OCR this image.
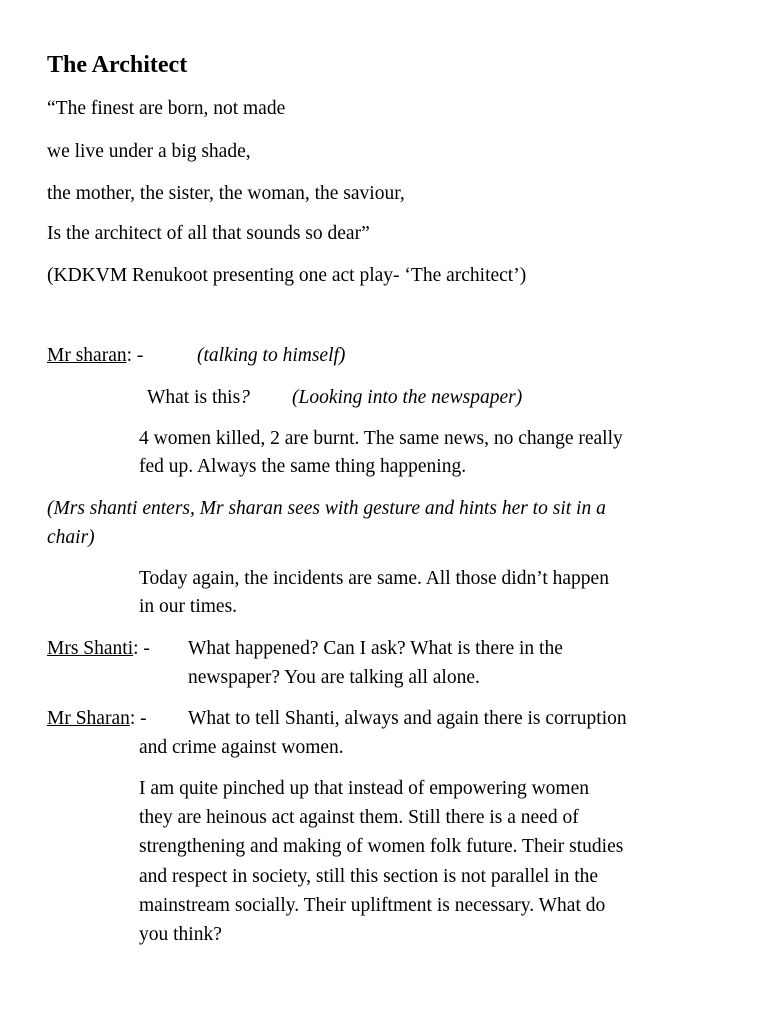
The Architect
“The finest are born, not made
we live under a big shade,
the mother, the sister, the woman, the saviour,
Is the architect of all that sounds so dear”
(KDKVM Renukoot presenting one act play- ‘The architect’)
Mr sharan: -	(talking to himself)
What is this? (Looking into the newspaper)
4 women killed, 2 are burnt. The same news, no change really
fed up. Always the same thing happening.
(Mrs shanti enters, Mr sharan sees with gesture and hints her to sit in a
chair)
Today again, the incidents are same. All those didn’t happen
in our times.
Mrs Shanti: - What happened? Can I ask? What is there in the
newspaper? You are talking all alone.
Mr Sharan: - What to tell Shanti, always and again there is corruption
and crime against women.
I am quite pinched up that instead of empowering women
they are heinous act against them. Still there is a need of
strengthening and making of women folk future. Their studies
and respect in society, still this section is not parallel in the
mainstream socially. Their upliftment is necessary. What do
you think?
